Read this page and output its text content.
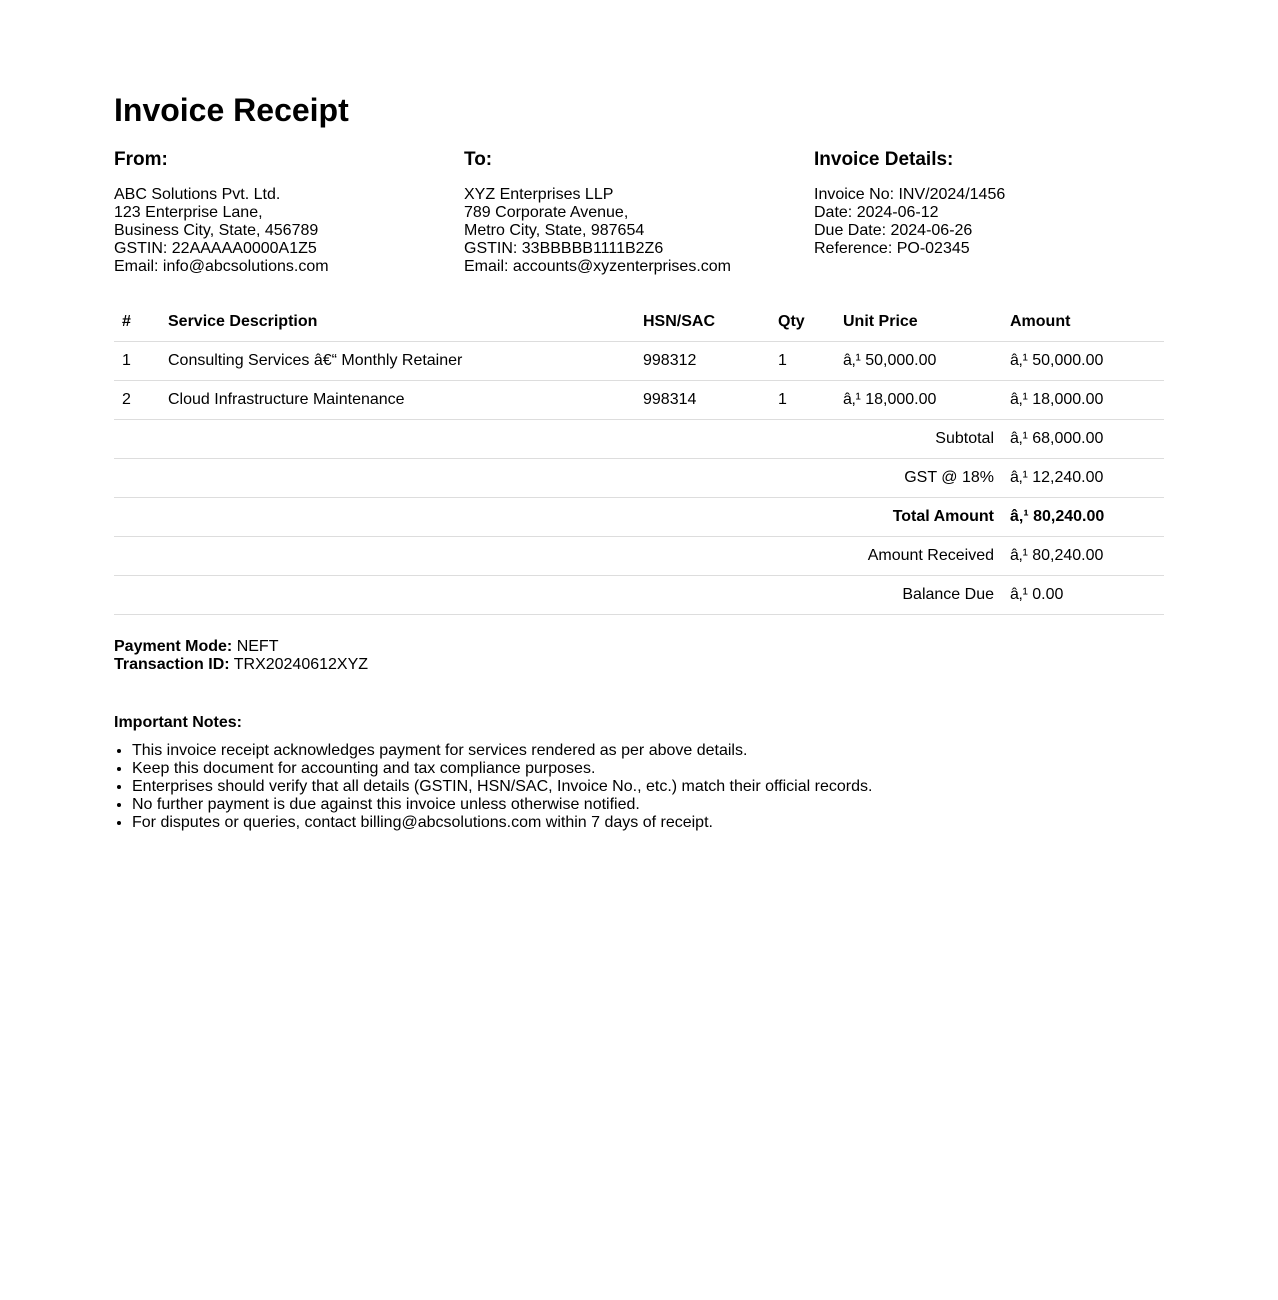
Invoice Receipt
From:
ABC Solutions Pvt. Ltd.
123 Enterprise Lane,
Business City, State, 456789
GSTIN: 22AAAAA0000A1Z5
Email: info@abcsolutions.com
To:
XYZ Enterprises LLP
789 Corporate Avenue,
Metro City, State, 987654
GSTIN: 33BBBBB1111B2Z6
Email: accounts@xyzenterprises.com
Invoice Details:
Invoice No: INV/2024/1456
Date: 2024-06-12
Due Date: 2024-06-26
Reference: PO-02345
#	Service Description	HSN/SAC	Qty	Unit Price	Amount
1	Consulting Services â€“ Monthly Retainer	998312	1	â‚¹ 50,000.00	â‚¹ 50,000.00
2	Cloud Infrastructure Maintenance	998314	1	â‚¹ 18,000.00	â‚¹ 18,000.00
Subtotal					â‚¹ 68,000.00
GST @ 18%					â‚¹ 12,240.00
Total Amount					â‚¹ 80,240.00
Amount Received					â‚¹ 80,240.00
Balance Due					â‚¹ 0.00
Payment Mode: NEFT
Transaction ID: TRX20240612XYZ
Important Notes:
• This invoice receipt acknowledges payment for services rendered as per above details.
• Keep this document for accounting and tax compliance purposes.
• Enterprises should verify that all details (GSTIN, HSN/SAC, Invoice No., etc.) match their official records.
• No further payment is due against this invoice unless otherwise notified.
• For disputes or queries, contact billing@abcsolutions.com within 7 days of receipt.
